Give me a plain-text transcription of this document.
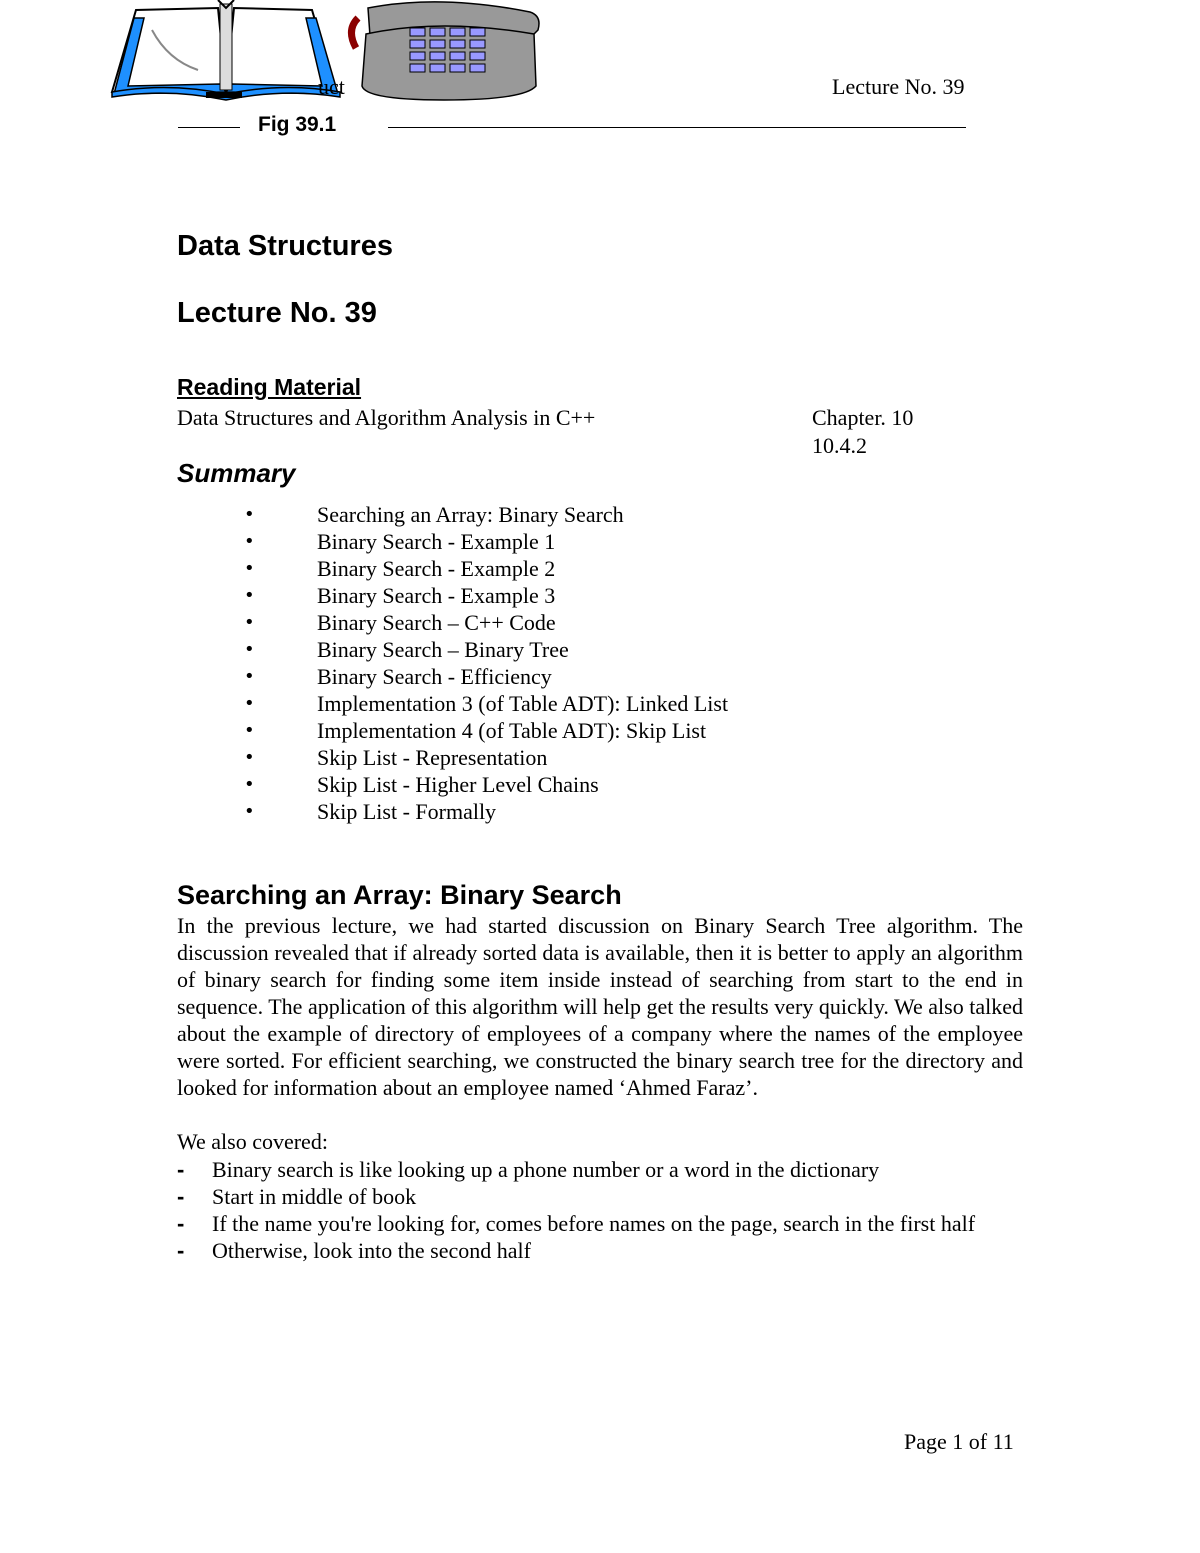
uct	Lecture No. 39
Fig 39.1
Data Structures
Lecture No. 39
Reading Material
Data Structures and Algorithm Analysis in C++	Chapter. 10
10.4.2
Summary
•	Searching an Array: Binary Search
•	Binary Search - Example 1
•	Binary Search - Example 2
•	Binary Search - Example 3
•	Binary Search – C++ Code
•	Binary Search – Binary Tree
•	Binary Search - Efficiency
•	Implementation 3 (of Table ADT): Linked List
•	Implementation 4 (of Table ADT): Skip List
•	Skip List - Representation
•	Skip List - Higher Level Chains
•	Skip List - Formally
Searching an Array: Binary Search
In the previous lecture, we had started discussion on Binary Search Tree algorithm. The discussion revealed that if already sorted data is available, then it is better to apply an algorithm of binary search for finding some item inside instead of searching from start to the end in sequence. The application of this algorithm will help get the results very quickly. We also talked about the example of directory of employees of a company where the names of the employee were sorted. For efficient searching, we constructed the binary search tree for the directory and looked for information about an employee named ‘Ahmed Faraz’.
We also covered:
- Binary search is like looking up a phone number or a word in the dictionary
- Start in middle of book
- If the name you're looking for, comes before names on the page, search in the first half
- Otherwise, look into the second half
Page 1 of 11
